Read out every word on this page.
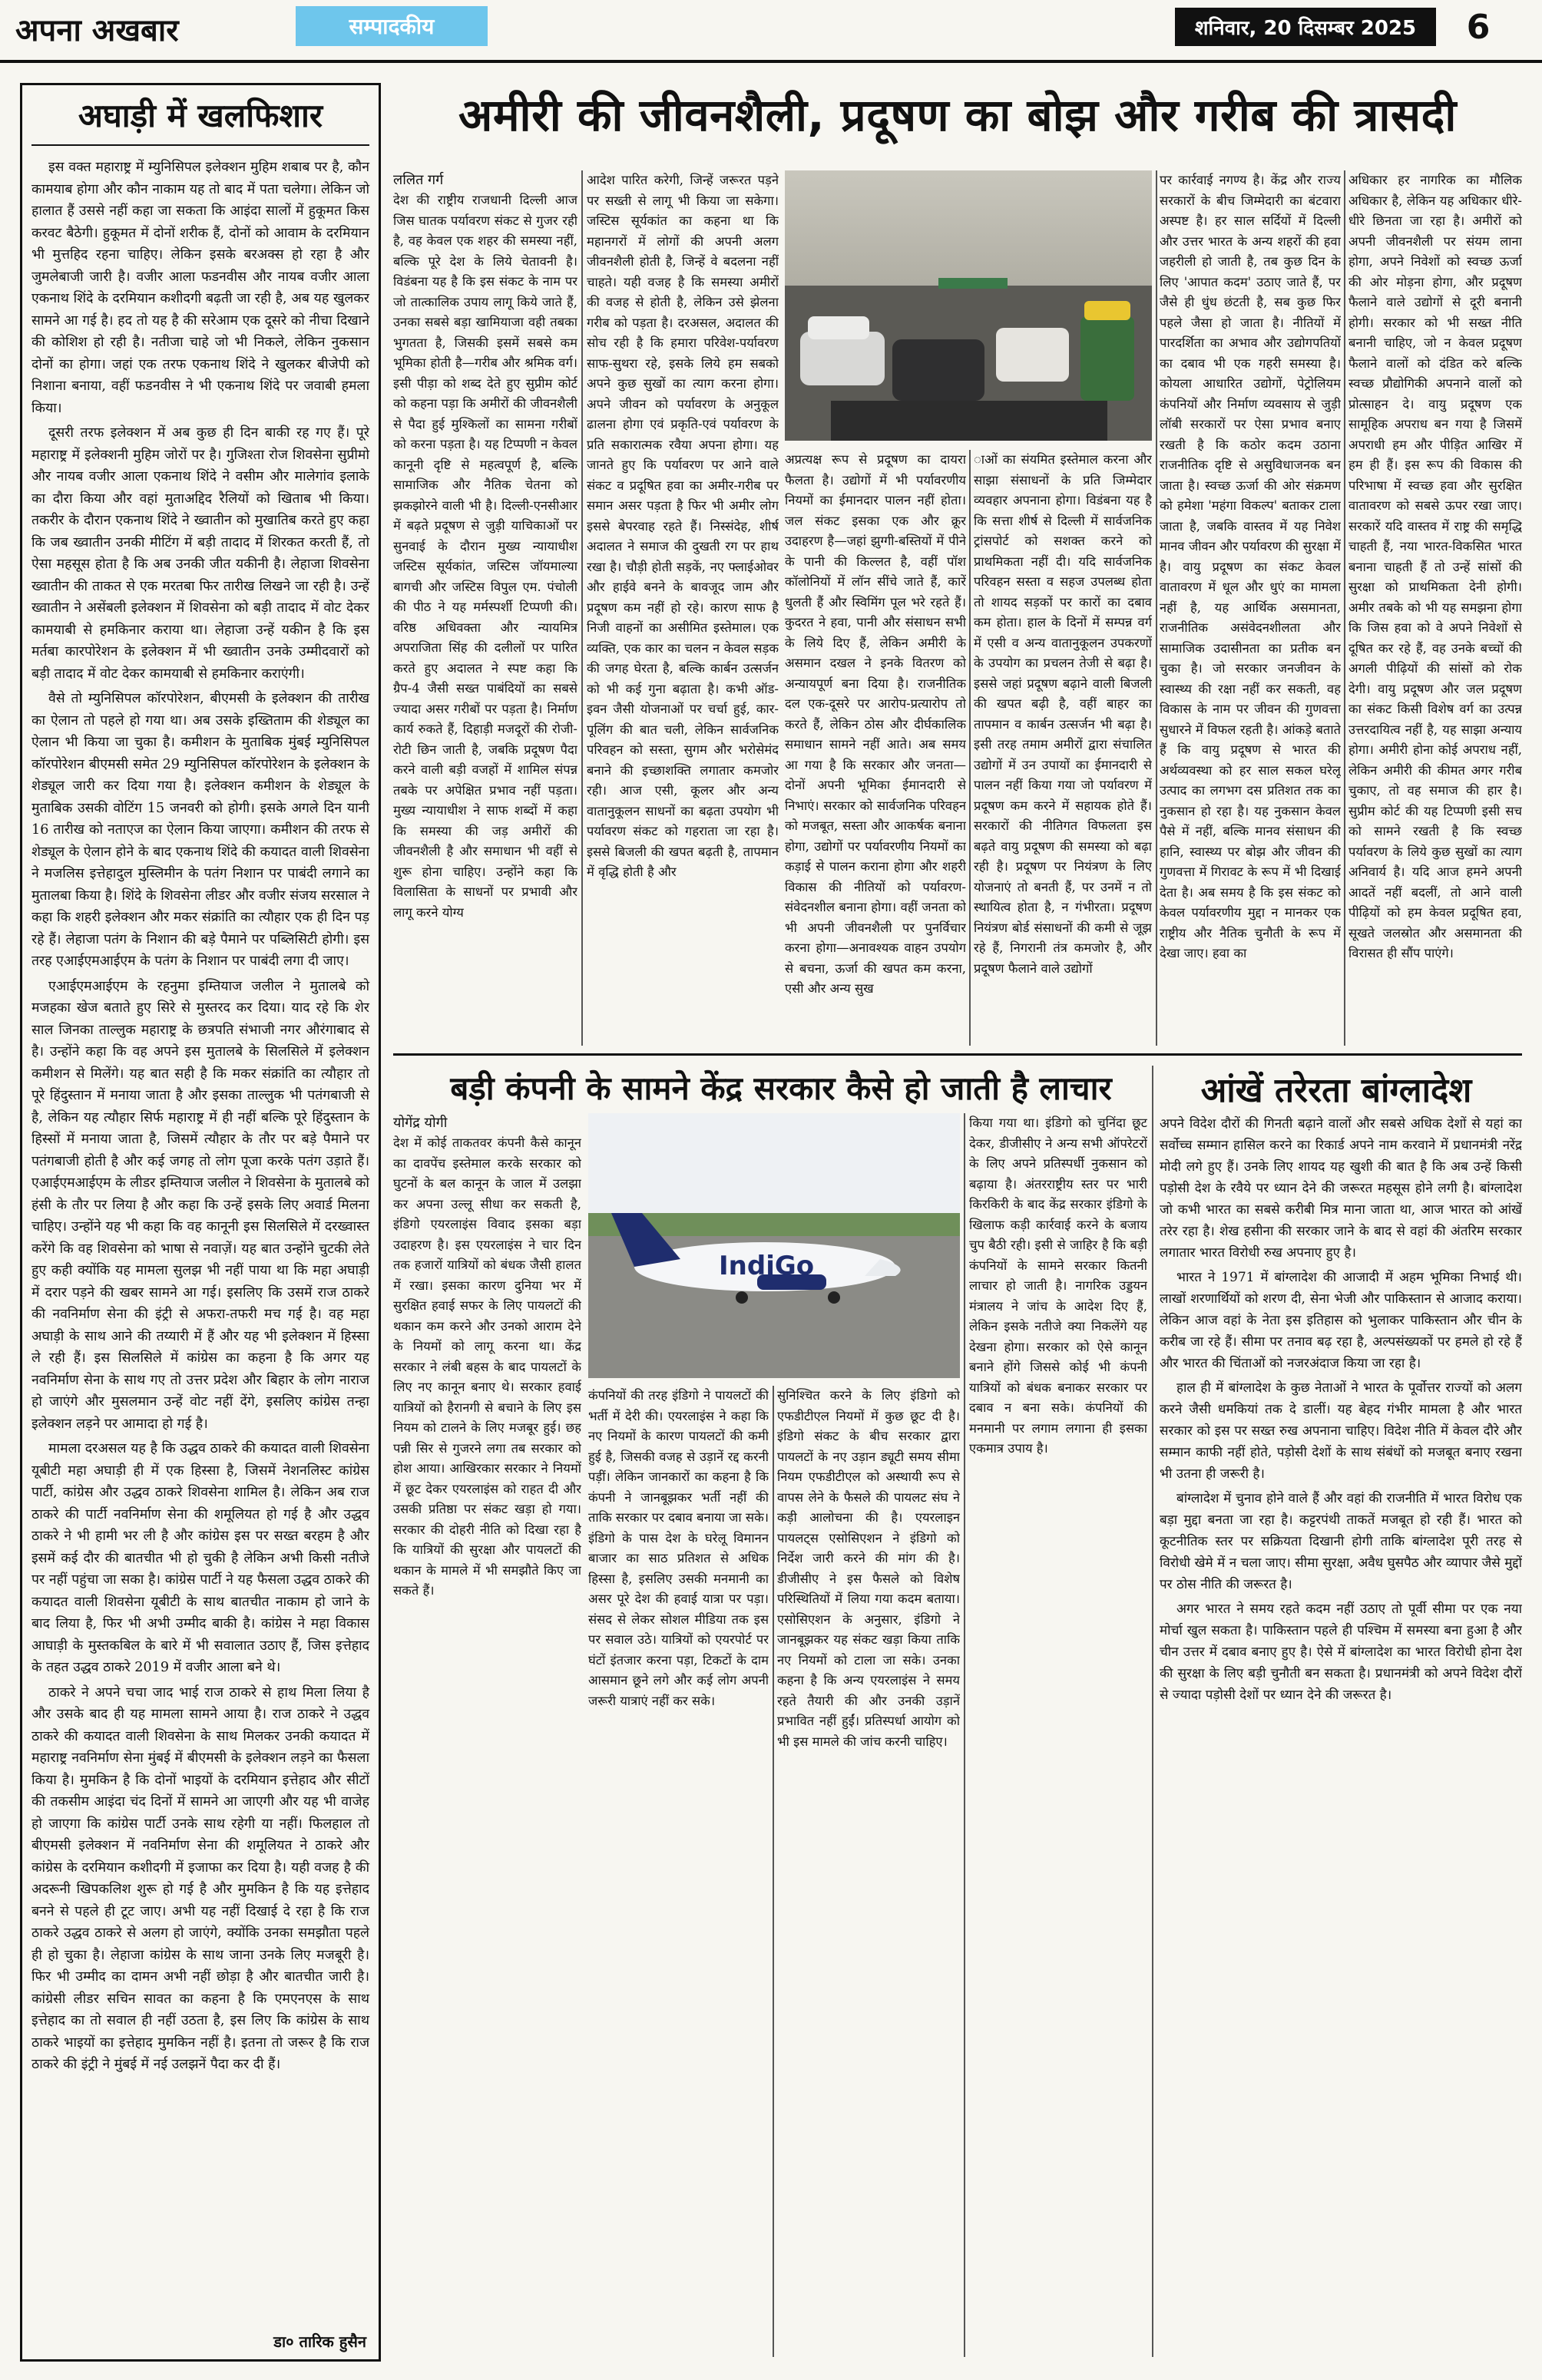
अपना अखबार	सम्पादकीय	शनिवार, 20 दिसम्बर 2025	6
अघाड़ी में खलफिशार

इस वक्त महाराष्ट्र में म्युनिसिपल इलेक्शन मुहिम शबाब पर है, कौन कामयाब होगा और कौन नाकाम यह तो बाद में पता चलेगा। लेकिन जो हालात हैं उससे नहीं कहा जा सकता कि आइंदा सालों में हुकूमत किस करवट बैठेगी। हुकूमत में दोनों शरीक हैं, दोनों को आवाम के दरमियान भी मुत्तहिद रहना चाहिए। लेकिन इसके बरअक्स हो रहा है और जुमलेबाजी जारी है। वजीर आला फडनवीस और नायब वजीर आला एकनाथ शिंदे के दरमियान कशीदगी बढ़ती जा रही है, अब यह खुलकर सामने आ गई है। हद तो यह है की सरेआम एक दूसरे को नीचा दिखाने की कोशिश हो रही है। नतीजा चाहे जो भी निकले, लेकिन नुकसान दोनों का होगा। जहां एक तरफ एकनाथ शिंदे ने खुलकर बीजेपी को निशाना बनाया, वहीं फडनवीस ने भी एकनाथ शिंदे पर जवाबी हमला किया।

दूसरी तरफ इलेक्शन में अब कुछ ही दिन बाकी रह गए हैं। पूरे महाराष्ट्र में इलेक्शनी मुहिम जोरों पर है। गुजिश्ता रोज शिवसेना सुप्रीमो और नायब वजीर आला एकनाथ शिंदे ने वसीम और मालेगांव इलाके का दौरा किया और वहां मुताअद्दिद रैलियों को खिताब भी किया। तकरीर के दौरान एकनाथ शिंदे ने ख्वातीन को मुखातिब करते हुए कहा कि जब ख्वातीन उनकी मीटिंग में बड़ी तादाद में शिरकत करती हैं, तो ऐसा महसूस होता है कि अब उनकी जीत यकीनी है। लेहाजा शिवसेना ख्वातीन की ताकत से एक मरतबा फिर तारीख लिखने जा रही है। उन्हें ख्वातीन ने असेंबली इलेक्शन में शिवसेना को बड़ी तादाद में वोट देकर कामयाबी से हमकिनार कराया था। लेहाजा उन्हें यकीन है कि इस मर्तबा कारपोरेशन के इलेक्शन में भी ख्वातीन उनके उम्मीदवारों को बड़ी तादाद में वोट देकर कामयाबी से हमकिनार कराएंगी।

वैसे तो म्युनिसिपल कॉरपोरेशन, बीएमसी के इलेक्शन की तारीख का ऐलान तो पहले हो गया था। अब उसके इख्तिताम की शेड्यूल का ऐलान भी किया जा चुका है। कमीशन के मुताबिक मुंबई म्युनिसिपल कॉरपोरेशन बीएमसी समेत 29 म्युनिसिपल कॉरपोरेशन के इलेक्शन के शेड्यूल जारी कर दिया गया है। इलेक्शन कमीशन के शेड्यूल के मुताबिक उसकी वोटिंग 15 जनवरी को होगी। इसके अगले दिन यानी 16 तारीख को नताएज का ऐलान किया जाएगा। कमीशन की तरफ से शेड्यूल के ऐलान होने के बाद एकनाथ शिंदे की कयादत वाली शिवसेना ने मजलिस इत्तेहादुल मुस्लिमीन के पतंग निशान पर पाबंदी लगाने का मुतालबा किया है। शिंदे के शिवसेना लीडर और वजीर संजय सरसाल ने कहा कि शहरी इलेक्शन और मकर संक्रांति का त्यौहार एक ही दिन पड़ रहे हैं। लेहाजा पतंग के निशान की बड़े पैमाने पर पब्लिसिटी होगी। इस तरह एआईएमआईएम के पतंग के निशान पर पाबंदी लगा दी जाए।

एआईएमआईएम के रहनुमा इम्तियाज जलील ने मुतालबे को मजहका खेज बताते हुए सिरे से मुस्तरद कर दिया। याद रहे कि शेर साल जिनका ताल्लुक महाराष्ट्र के छत्रपति संभाजी नगर औरंगाबाद से है। उन्होंने कहा कि वह अपने इस मुतालबे के सिलसिले में इलेक्शन कमीशन से मिलेंगे। यह बात सही है कि मकर संक्रांति का त्यौहार तो पूरे हिंदुस्तान में मनाया जाता है और इसका ताल्लुक भी पतंगबाजी से है, लेकिन यह त्यौहार सिर्फ महाराष्ट्र में ही नहीं बल्कि पूरे हिंदुस्तान के हिस्सों में मनाया जाता है, जिसमें त्यौहार के तौर पर बड़े पैमाने पर पतंगबाजी होती है और कई जगह तो लोग पूजा करके पतंग उड़ाते हैं। एआईएमआईएम के लीडर इम्तियाज जलील ने शिवसेना के मुतालबे को हंसी के तौर पर लिया है और कहा कि उन्हें इसके लिए अवार्ड मिलना चाहिए। उन्होंने यह भी कहा कि वह कानूनी इस सिलसिले में दरख्वास्त करेंगे कि वह शिवसेना को भाषा से नवाज़ें। यह बात उन्होंने चुटकी लेते हुए कही क्योंकि यह मामला सुलझ भी नहीं पाया था कि महा अघाड़ी में दरार पड़ने की खबर सामने आ गई। इसलिए कि उसमें राज ठाकरे की नवनिर्माण सेना की इंट्री से अफरा-तफरी मच गई है। वह महा अघाड़ी के साथ आने की तय्यारी में हैं और यह भी इलेक्शन में हिस्सा ले रही हैं। इस सिलसिले में कांग्रेस का कहना है कि अगर यह नवनिर्माण सेना के साथ गए तो उत्तर प्रदेश और बिहार के लोग नाराज हो जाएंगे और मुसलमान उन्हें वोट नहीं देंगे, इसलिए कांग्रेस तन्हा इलेक्शन लड़ने पर आमादा हो गई है।

मामला दरअसल यह है कि उद्धव ठाकरे की कयादत वाली शिवसेना यूबीटी महा अघाड़ी ही में एक हिस्सा है, जिसमें नेशनलिस्ट कांग्रेस पार्टी, कांग्रेस और उद्धव ठाकरे शिवसेना शामिल है। लेकिन अब राज ठाकरे की पार्टी नवनिर्माण सेना की शमूलियत हो गई है और उद्धव ठाकरे ने भी हामी भर ली है और कांग्रेस इस पर सख्त बरहम है और इसमें कई दौर की बातचीत भी हो चुकी है लेकिन अभी किसी नतीजे पर नहीं पहुंचा जा सका है। कांग्रेस पार्टी ने यह फैसला उद्धव ठाकरे की कयादत वाली शिवसेना यूबीटी के साथ बातचीत नाकाम हो जाने के बाद लिया है, फिर भी अभी उम्मीद बाकी है। कांग्रेस ने महा विकास आघाड़ी के मुस्तकबिल के बारे में भी सवालात उठाए हैं, जिस इत्तेहाद के तहत उद्धव ठाकरे 2019 में वजीर आला बने थे।

ठाकरे ने अपने चचा जाद भाई राज ठाकरे से हाथ मिला लिया है और उसके बाद ही यह मामला सामने आया है। राज ठाकरे ने उद्धव ठाकरे की कयादत वाली शिवसेना के साथ मिलकर उनकी कयादत में महाराष्ट्र नवनिर्माण सेना मुंबई में बीएमसी के इलेक्शन लड़ने का फैसला किया है। मुमकिन है कि दोनों भाइयों के दरमियान इत्तेहाद और सीटों की तकसीम आइंदा चंद दिनों में सामने आ जाएगी और यह भी वाजेह हो जाएगा कि कांग्रेस पार्टी उनके साथ रहेगी या नहीं। फिलहाल तो बीएमसी इलेक्शन में नवनिर्माण सेना की शमूलियत ने ठाकरे और कांग्रेस के दरमियान कशीदगी में इजाफा कर दिया है। यही वजह है की अदरूनी खिपकलिश शुरू हो गई है और मुमकिन है कि यह इत्तेहाद बनने से पहले ही टूट जाए। अभी यह नहीं दिखाई दे रहा है कि राज ठाकरे उद्धव ठाकरे से अलग हो जाएंगे, क्योंकि उनका समझौता पहले ही हो चुका है। लेहाजा कांग्रेस के साथ जाना उनके लिए मजबूरी है। फिर भी उम्मीद का दामन अभी नहीं छोड़ा है और बातचीत जारी है। कांग्रेसी लीडर सचिन सावत का कहना है कि एमएनएस के साथ इत्तेहाद का तो सवाल ही नहीं उठता है, इस लिए कि कांग्रेस के साथ ठाकरे भाइयों का इत्तेहाद मुमकिन नहीं है। इतना तो जरूर है कि राज ठाकरे की इंट्री ने मुंबई में नई उलझनें पैदा कर दी हैं।

डा० तारिक हुसैन
अमीरी की जीवनशैली, प्रदूषण का बोझ और गरीब की त्रासदी
ललित गर्ग

देश की राष्ट्रीय राजधानी दिल्ली आज जिस घातक पर्यावरण संकट से गुजर रही है, वह केवल एक शहर की समस्या नहीं, बल्कि पूरे देश के लिये चेतावनी है। विडंबना यह है कि इस संकट के नाम पर जो तात्कालिक उपाय लागू किये जाते हैं, उनका सबसे बड़ा खामियाजा वही तबका भुगतता है, जिसकी इसमें सबसे कम भूमिका होती है—गरीब और श्रमिक वर्ग। इसी पीड़ा को शब्द देते हुए सुप्रीम कोर्ट को कहना पड़ा कि अमीरों की जीवनशैली से पैदा हुई मुश्किलों का सामना गरीबों को करना पड़ता है। यह टिप्पणी न केवल कानूनी दृष्टि से महत्वपूर्ण है, बल्कि सामाजिक और नैतिक चेतना को झकझोरने वाली भी है। दिल्ली-एनसीआर में बढ़ते प्रदूषण से जुड़ी याचिकाओं पर सुनवाई के दौरान मुख्य न्यायाधीश जस्टिस सूर्यकांत, जस्टिस जॉयमाल्या बागची और जस्टिस विपुल एम. पंचोली की पीठ ने यह मर्मस्पर्शी टिप्पणी की। वरिष्ठ अधिवक्ता और न्यायमित्र अपराजिता सिंह की दलीलों पर पारित करते हुए अदालत ने स्पष्ट कहा कि ग्रैप-4 जैसी सख्त पाबंदियों का सबसे ज्यादा असर गरीबों पर पड़ता है। निर्माण कार्य रुकते हैं, दिहाड़ी मजदूरों की रोजी-रोटी छिन जाती है, जबकि प्रदूषण पैदा करने वाली बड़ी वजहों में शामिल संपन्न तबके पर अपेक्षित प्रभाव नहीं पड़ता। मुख्य न्यायाधीश ने साफ शब्दों में कहा कि समस्या की जड़ अमीरों की जीवनशैली है और समाधान भी वहीं से शुरू होना चाहिए। उन्होंने कहा कि विलासिता के साधनों पर प्रभावी और लागू करने योग्य

आदेश पारित करेगी, जिन्हें जरूरत पड़ने पर सख्ती से लागू भी किया जा सकेगा। जस्टिस सूर्यकांत का कहना था कि महानगरों में लोगों की अपनी अलग जीवनशैली होती है, जिन्हें वे बदलना नहीं चाहते। यही वजह है कि समस्या अमीरों की वजह से होती है, लेकिन उसे झेलना गरीब को पड़ता है। दरअसल, अदालत की सोच रही है कि हमारा परिवेश-पर्यावरण साफ-सुथरा रहे, इसके लिये हम सबको अपने कुछ सुखों का त्याग करना होगा। अपने जीवन को पर्यावरण के अनुकूल ढालना होगा एवं प्रकृति-एवं पर्यावरण के प्रति सकारात्मक रवैया अपना होगा। यह जानते हुए कि पर्यावरण पर आने वाले संकट व प्रदूषित हवा का अमीर-गरीब पर समान असर पड़ता है फिर भी अमीर लोग इससे बेपरवाह रहते हैं। निस्संदेह, शीर्ष अदालत ने समाज की दुखती रग पर हाथ रखा है। चौड़ी होती सड़कें, नए फ्लाईओवर और हाईवे बनने के बावजूद जाम और प्रदूषण कम नहीं हो रहे। कारण साफ है निजी वाहनों का असीमित इस्तेमाल। एक व्यक्ति, एक कार का चलन न केवल सड़क की जगह घेरता है, बल्कि कार्बन उत्सर्जन को भी कई गुना बढ़ाता है। कभी ऑड-इवन जैसी योजनाओं पर चर्चा हुई, कार-पूलिंग की बात चली, लेकिन सार्वजनिक परिवहन को सस्ता, सुगम और भरोसेमंद बनाने की इच्छाशक्ति लगातार कमजोर रही। आज एसी, कूलर और अन्य वातानुकूलन साधनों का बढ़ता उपयोग भी पर्यावरण संकट को गहराता जा रहा है। इससे बिजली की खपत बढ़ती है, तापमान में वृद्धि होती है और

अप्रत्यक्ष रूप से प्रदूषण का दायरा फैलता है। उद्योगों में भी पर्यावरणीय नियमों का ईमानदार पालन नहीं होता। जल संकट इसका एक और क्रूर उदाहरण है—जहां झुग्गी-बस्तियों में पीने के पानी की किल्लत है, वहीं पॉश कॉलोनियों में लॉन सींचे जाते हैं, कारें धुलती हैं और स्विमिंग पूल भरे रहते हैं। कुदरत ने हवा, पानी और संसाधन सभी के लिये दिए हैं, लेकिन अमीरी के असमान दखल ने इनके वितरण को अन्यायपूर्ण बना दिया है। राजनीतिक दल एक-दूसरे पर आरोप-प्रत्यारोप तो करते हैं, लेकिन ठोस और दीर्घकालिक समाधान सामने नहीं आते। अब समय आ गया है कि सरकार और जनता—दोनों अपनी भूमिका ईमानदारी से निभाएं। सरकार को सार्वजनिक परिवहन को मजबूत, सस्ता और आकर्षक बनाना होगा, उद्योगों पर पर्यावरणीय नियमों का कड़ाई से पालन कराना होगा और शहरी विकास की नीतियों को पर्यावरण-संवेदनशील बनाना होगा। वहीं जनता को भी अपनी जीवनशैली पर पुनर्विचार करना होगा—अनावश्यक वाहन उपयोग से बचना, ऊर्जा की खपत कम करना, एसी और अन्य सुख

ाओं का संयमित इस्तेमाल करना और साझा संसाधनों के प्रति जिम्मेदार व्यवहार अपनाना होगा। विडंबना यह है कि सत्ता शीर्ष से दिल्ली में सार्वजनिक ट्रांसपोर्ट को सशक्त करने को प्राथमिकता नहीं दी। यदि सार्वजनिक परिवहन सस्ता व सहज उपलब्ध होता तो शायद सड़कों पर कारों का दबाव कम होता। हाल के दिनों में सम्पन्न वर्ग में एसी व अन्य वातानुकूलन उपकरणों के उपयोग का प्रचलन तेजी से बढ़ा है। इससे जहां प्रदूषण बढ़ाने वाली बिजली की खपत बढ़ी है, वहीं बाहर का तापमान व कार्बन उत्सर्जन भी बढ़ा है। इसी तरह तमाम अमीरों द्वारा संचालित उद्योगों में उन उपायों का ईमानदारी से पालन नहीं किया गया जो पर्यावरण में प्रदूषण कम करने में सहायक होते हैं। सरकारों की नीतिगत विफलता इस बढ़ते वायु प्रदूषण की समस्या को बढ़ा रही है। प्रदूषण पर नियंत्रण के लिए योजनाएं तो बनती हैं, पर उनमें न तो स्थायित्व होता है, न गंभीरता। प्रदूषण नियंत्रण बोर्ड संसाधनों की कमी से जूझ रहे हैं, निगरानी तंत्र कमजोर है, और प्रदूषण फैलाने वाले उद्योगों

पर कार्रवाई नगण्य है। केंद्र और राज्य सरकारों के बीच जिम्मेदारी का बंटवारा अस्पष्ट है। हर साल सर्दियों में दिल्ली और उत्तर भारत के अन्य शहरों की हवा जहरीली हो जाती है, तब कुछ दिन के लिए 'आपात कदम' उठाए जाते हैं, पर जैसे ही धुंध छंटती है, सब कुछ फिर पहले जैसा हो जाता है। नीतियों में पारदर्शिता का अभाव और उद्योगपतियों का दबाव भी एक गहरी समस्या है। कोयला आधारित उद्योगों, पेट्रोलियम कंपनियों और निर्माण व्यवसाय से जुड़ी लॉबी सरकारों पर ऐसा प्रभाव बनाए रखती है कि कठोर कदम उठाना राजनीतिक दृष्टि से असुविधाजनक बन जाता है। स्वच्छ ऊर्जा की ओर संक्रमण को हमेशा 'महंगा विकल्प' बताकर टाला जाता है, जबकि वास्तव में यह निवेश मानव जीवन और पर्यावरण की सुरक्षा में है। वायु प्रदूषण का संकट केवल वातावरण में धूल और धुएं का मामला नहीं है, यह आर्थिक असमानता, राजनीतिक असंवेदनशीलता और सामाजिक उदासीनता का प्रतीक बन चुका है। जो सरकार जनजीवन के स्वास्थ्य की रक्षा नहीं कर सकती, वह विकास के नाम पर जीवन की गुणवत्ता सुधारने में विफल रहती है। आंकड़े बताते हैं कि वायु प्रदूषण से भारत की अर्थव्यवस्था को हर साल सकल घरेलू उत्पाद का लगभग दस प्रतिशत तक का नुकसान हो रहा है। यह नुकसान केवल पैसे में नहीं, बल्कि मानव संसाधन की हानि, स्वास्थ्य पर बोझ और जीवन की गुणवत्ता में गिरावट के रूप में भी दिखाई देता है। अब समय है कि इस संकट को केवल पर्यावरणीय मुद्दा न मानकर एक राष्ट्रीय और नैतिक चुनौती के रूप में देखा जाए। हवा का

अधिकार हर नागरिक का मौलिक अधिकार है, लेकिन यह अधिकार धीरे-धीरे छिनता जा रहा है। अमीरों को अपनी जीवनशैली पर संयम लाना होगा, अपने निवेशों को स्वच्छ ऊर्जा की ओर मोड़ना होगा, और प्रदूषण फैलाने वाले उद्योगों से दूरी बनानी होगी। सरकार को भी सख्त नीति बनानी चाहिए, जो न केवल प्रदूषण फैलाने वालों को दंडित करे बल्कि स्वच्छ प्रौद्योगिकी अपनाने वालों को प्रोत्साहन दे। वायु प्रदूषण एक सामूहिक अपराध बन गया है जिसमें अपराधी हम और पीड़ित आखिर में हम ही हैं। इस रूप की विकास की परिभाषा में स्वच्छ हवा और सुरक्षित वातावरण को सबसे ऊपर रखा जाए। सरकारें यदि वास्तव में राष्ट्र की समृद्धि चाहती हैं, नया भारत-विकसित भारत बनाना चाहती हैं तो उन्हें सांसों की सुरक्षा को प्राथमिकता देनी होगी। अमीर तबके को भी यह समझना होगा कि जिस हवा को वे अपने निवेशों से दूषित कर रहे हैं, वह उनके बच्चों की अगली पीढ़ियों की सांसों को रोक देगी। वायु प्रदूषण और जल प्रदूषण का संकट किसी विशेष वर्ग का उत्पन्न उत्तरदायित्व नहीं है, यह साझा अन्याय होगा। अमीरी होना कोई अपराध नहीं, लेकिन अमीरी की कीमत अगर गरीब चुकाए, तो वह समाज की हार है। सुप्रीम कोर्ट की यह टिप्पणी इसी सच को सामने रखती है कि स्वच्छ पर्यावरण के लिये कुछ सुखों का त्याग अनिवार्य है। यदि आज हमने अपनी आदतें नहीं बदलीं, तो आने वाली पीढ़ियों को हम केवल प्रदूषित हवा, सूखते जलस्रोत और असमानता की विरासत ही सौंप पाएंगे।

बड़ी कंपनी के सामने केंद्र सरकार कैसे हो जाती है लाचार
योगेंद्र योगी

देश में कोई ताकतवर कंपनी कैसे कानून का दावपेंच इस्तेमाल करके सरकार को घुटनों के बल कानून के जाल में उलझा कर अपना उल्लू सीधा कर सकती है, इंडिगो एयरलाइंस विवाद इसका बड़ा उदाहरण है। इस एयरलाइंस ने चार दिन तक हजारों यात्रियों को बंधक जैसी हालत में रखा। इसका कारण दुनिया भर में सुरक्षित हवाई सफर के लिए पायलटों की थकान कम करने और उनको आराम देने के नियमों को लागू करना था। केंद्र सरकार ने लंबी बहस के बाद पायलटों के लिए नए कानून बनाए थे। सरकार हवाई यात्रियों को हैरानगी से बचाने के लिए इस नियम को टालने के लिए मजबूर हुई। छह पन्नी सिर से गुजरने लगा तब सरकार को होश आया। आखिरकार सरकार ने नियमों में छूट देकर एयरलाइंस को राहत दी और उसकी प्रतिष्ठा पर संकट खड़ा हो गया। सरकार की दोहरी नीति को दिखा रहा है कि यात्रियों की सुरक्षा और पायलटों की थकान के मामले में भी समझौते किए जा सकते हैं।

IndiGo

कंपनियों की तरह इंडिगो ने पायलटों की भर्ती में देरी की। एयरलाइंस ने कहा कि नए नियमों के कारण पायलटों की कमी हुई है, जिसकी वजह से उड़ानें रद्द करनी पड़ीं। लेकिन जानकारों का कहना है कि कंपनी ने जानबूझकर भर्ती नहीं की ताकि सरकार पर दबाव बनाया जा सके। इंडिगो के पास देश के घरेलू विमानन बाजार का साठ प्रतिशत से अधिक हिस्सा है, इसलिए उसकी मनमानी का असर पूरे देश की हवाई यात्रा पर पड़ा। संसद से लेकर सोशल मीडिया तक इस पर सवाल उठे। यात्रियों को एयरपोर्ट पर घंटों इंतजार करना पड़ा, टिकटों के दाम आसमान छूने लगे और कई लोग अपनी जरूरी यात्राएं नहीं कर सके।

सुनिश्चित करने के लिए इंडिगो को एफडीटीएल नियमों में कुछ छूट दी है। इंडिगो संकट के बीच सरकार द्वारा पायलटों के नए उड़ान ड्यूटी समय सीमा नियम एफडीटीएल को अस्थायी रूप से वापस लेने के फैसले की पायलट संघ ने कड़ी आलोचना की है। एयरलाइन पायलट्स एसोसिएशन ने इंडिगो को निर्देश जारी करने की मांग की है। डीजीसीए ने इस फैसले को विशेष परिस्थितियों में लिया गया कदम बताया। एसोसिएशन के अनुसार, इंडिगो ने जानबूझकर यह संकट खड़ा किया ताकि नए नियमों को टाला जा सके। उनका कहना है कि अन्य एयरलाइंस ने समय रहते तैयारी की और उनकी उड़ानें प्रभावित नहीं हुईं। प्रतिस्पर्धा आयोग को भी इस मामले की जांच करनी चाहिए।

किया गया था। इंडिगो को चुनिंदा छूट देकर, डीजीसीए ने अन्य सभी ऑपरेटरों के लिए अपने प्रतिस्पर्धी नुकसान को बढ़ाया है। अंतरराष्ट्रीय स्तर पर भारी किरकिरी के बाद केंद्र सरकार इंडिगो के खिलाफ कड़ी कार्रवाई करने के बजाय चुप बैठी रही। इसी से जाहिर है कि बड़ी कंपनियों के सामने सरकार कितनी लाचार हो जाती है। नागरिक उड्डयन मंत्रालय ने जांच के आदेश दिए हैं, लेकिन इसके नतीजे क्या निकलेंगे यह देखना होगा। सरकार को ऐसे कानून बनाने होंगे जिससे कोई भी कंपनी यात्रियों को बंधक बनाकर सरकार पर दबाव न बना सके। कंपनियों की मनमानी पर लगाम लगाना ही इसका एकमात्र उपाय है।

आंखें तरेरता बांग्लादेश

अपने विदेश दौरों की गिनती बढ़ाने वालों और सबसे अधिक देशों से यहां का सर्वोच्च सम्मान हासिल करने का रिकार्ड अपने नाम करवाने में प्रधानमंत्री नरेंद्र मोदी लगे हुए हैं। उनके लिए शायद यह खुशी की बात है कि अब उन्हें किसी पड़ोसी देश के रवैये पर ध्यान देने की जरूरत महसूस होने लगी है। बांग्लादेश जो कभी भारत का सबसे करीबी मित्र माना जाता था, आज भारत को आंखें तरेर रहा है। शेख हसीना की सरकार जाने के बाद से वहां की अंतरिम सरकार लगातार भारत विरोधी रुख अपनाए हुए है।

भारत ने 1971 में बांग्लादेश की आजादी में अहम भूमिका निभाई थी। लाखों शरणार्थियों को शरण दी, सेना भेजी और पाकिस्तान से आजाद कराया। लेकिन आज वहां के नेता इस इतिहास को भुलाकर पाकिस्तान और चीन के करीब जा रहे हैं। सीमा पर तनाव बढ़ रहा है, अल्पसंख्यकों पर हमले हो रहे हैं और भारत की चिंताओं को नजरअंदाज किया जा रहा है।

हाल ही में बांग्लादेश के कुछ नेताओं ने भारत के पूर्वोत्तर राज्यों को अलग करने जैसी धमकियां तक दे डालीं। यह बेहद गंभीर मामला है और भारत सरकार को इस पर सख्त रुख अपनाना चाहिए। विदेश नीति में केवल दौरे और सम्मान काफी नहीं होते, पड़ोसी देशों के साथ संबंधों को मजबूत बनाए रखना भी उतना ही जरूरी है।

बांग्लादेश में चुनाव होने वाले हैं और वहां की राजनीति में भारत विरोध एक बड़ा मुद्दा बनता जा रहा है। कट्टरपंथी ताकतें मजबूत हो रही हैं। भारत को कूटनीतिक स्तर पर सक्रियता दिखानी होगी ताकि बांग्लादेश पूरी तरह से विरोधी खेमे में न चला जाए। सीमा सुरक्षा, अवैध घुसपैठ और व्यापार जैसे मुद्दों पर ठोस नीति की जरूरत है।

अगर भारत ने समय रहते कदम नहीं उठाए तो पूर्वी सीमा पर एक नया मोर्चा खुल सकता है। पाकिस्तान पहले ही पश्चिम में समस्या बना हुआ है और चीन उत्तर में दबाव बनाए हुए है। ऐसे में बांग्लादेश का भारत विरोधी होना देश की सुरक्षा के लिए बड़ी चुनौती बन सकता है। प्रधानमंत्री को अपने विदेश दौरों से ज्यादा पड़ोसी देशों पर ध्यान देने की जरूरत है।
